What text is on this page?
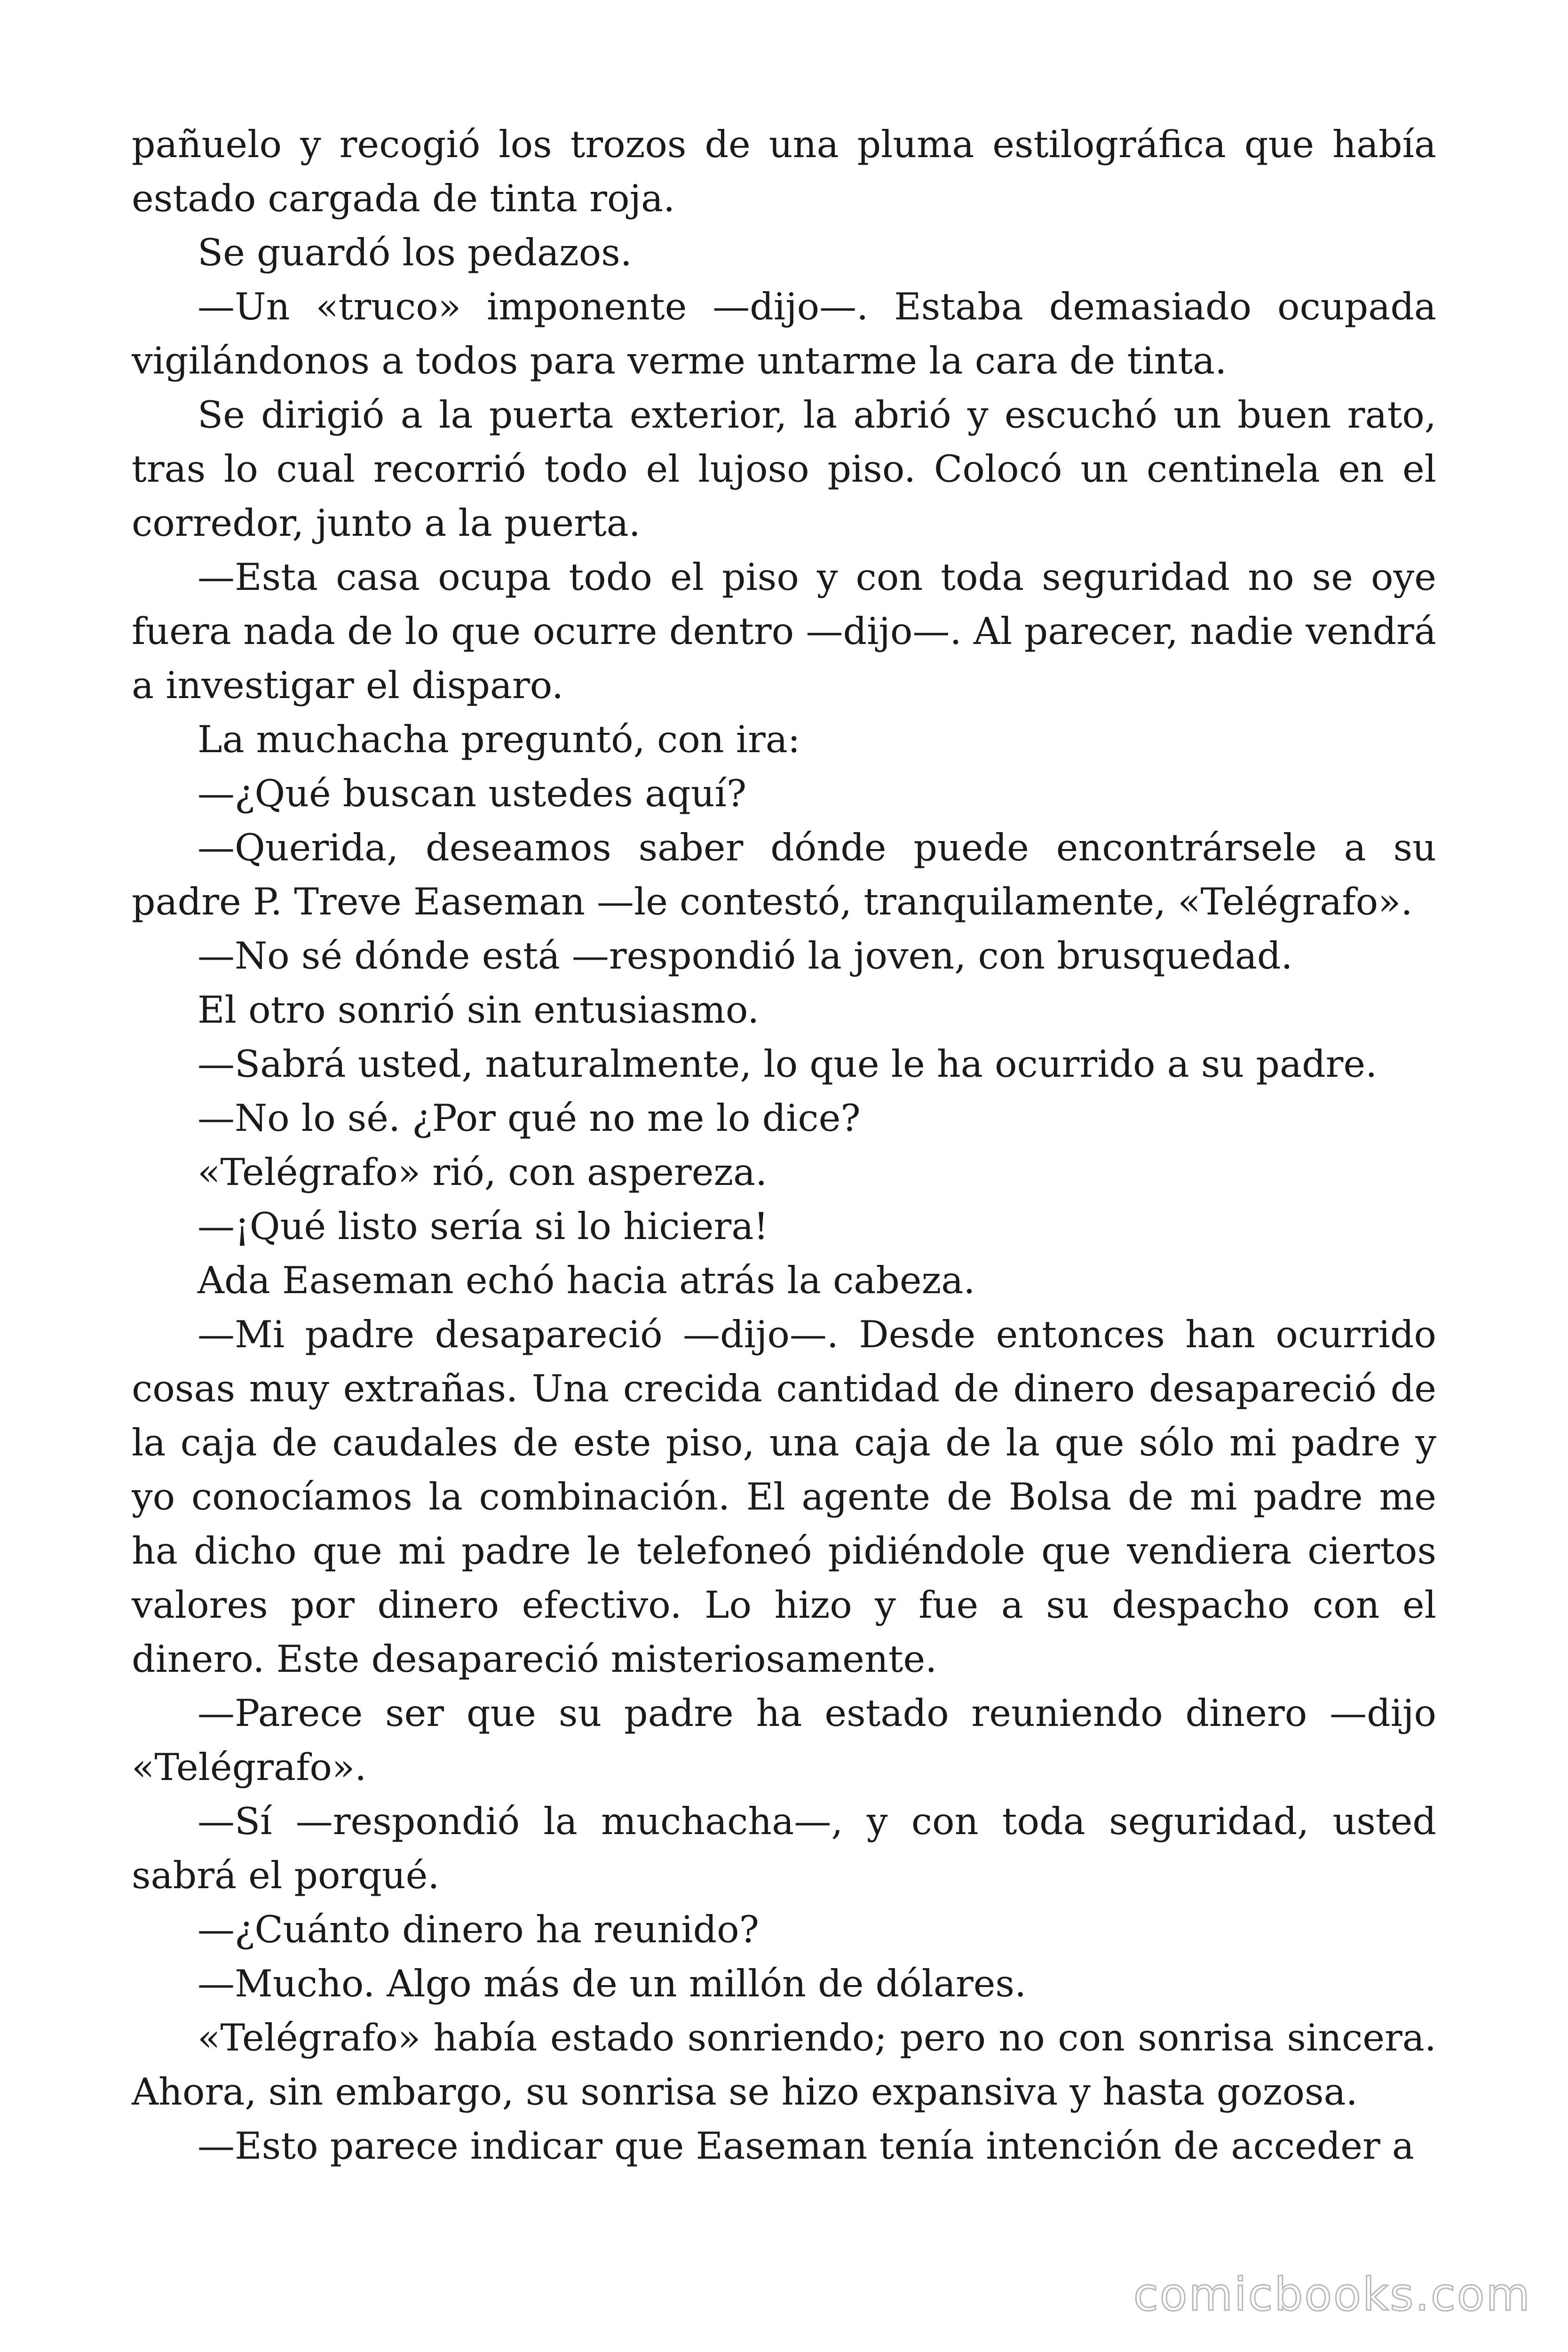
pañuelo y recogió los trozos de una pluma estilográfica que había estado cargada de tinta roja.

Se guardó los pedazos.

—Un «truco» imponente —dijo—. Estaba demasiado ocupada vigilándonos a todos para verme untarme la cara de tinta.

Se dirigió a la puerta exterior, la abrió y escuchó un buen rato, tras lo cual recorrió todo el lujoso piso. Colocó un centinela en el corredor, junto a la puerta.

—Esta casa ocupa todo el piso y con toda seguridad no se oye fuera nada de lo que ocurre dentro —dijo—. Al parecer, nadie vendrá a investigar el disparo.

La muchacha preguntó, con ira:

—¿Qué buscan ustedes aquí?

—Querida, deseamos saber dónde puede encontrársele a su padre P. Treve Easeman —le contestó, tranquilamente, «Telégrafo».

—No sé dónde está —respondió la joven, con brusquedad.

El otro sonrió sin entusiasmo.

—Sabrá usted, naturalmente, lo que le ha ocurrido a su padre.

—No lo sé. ¿Por qué no me lo dice?

«Telégrafo» rió, con aspereza.

—¡Qué listo sería si lo hiciera!

Ada Easeman echó hacia atrás la cabeza.

—Mi padre desapareció —dijo—. Desde entonces han ocurrido cosas muy extrañas. Una crecida cantidad de dinero desapareció de la caja de caudales de este piso, una caja de la que sólo mi padre y yo conocíamos la combinación. El agente de Bolsa de mi padre me ha dicho que mi padre le telefoneó pidiéndole que vendiera ciertos valores por dinero efectivo. Lo hizo y fue a su despacho con el dinero. Este desapareció misteriosamente.

—Parece ser que su padre ha estado reuniendo dinero —dijo «Telégrafo».

—Sí —respondió la muchacha—, y con toda seguridad, usted sabrá el porqué.

—¿Cuánto dinero ha reunido?

—Mucho. Algo más de un millón de dólares.

«Telégrafo» había estado sonriendo; pero no con sonrisa sincera. Ahora, sin embargo, su sonrisa se hizo expansiva y hasta gozosa.

—Esto parece indicar que Easeman tenía intención de acceder a

comicbooks.com
